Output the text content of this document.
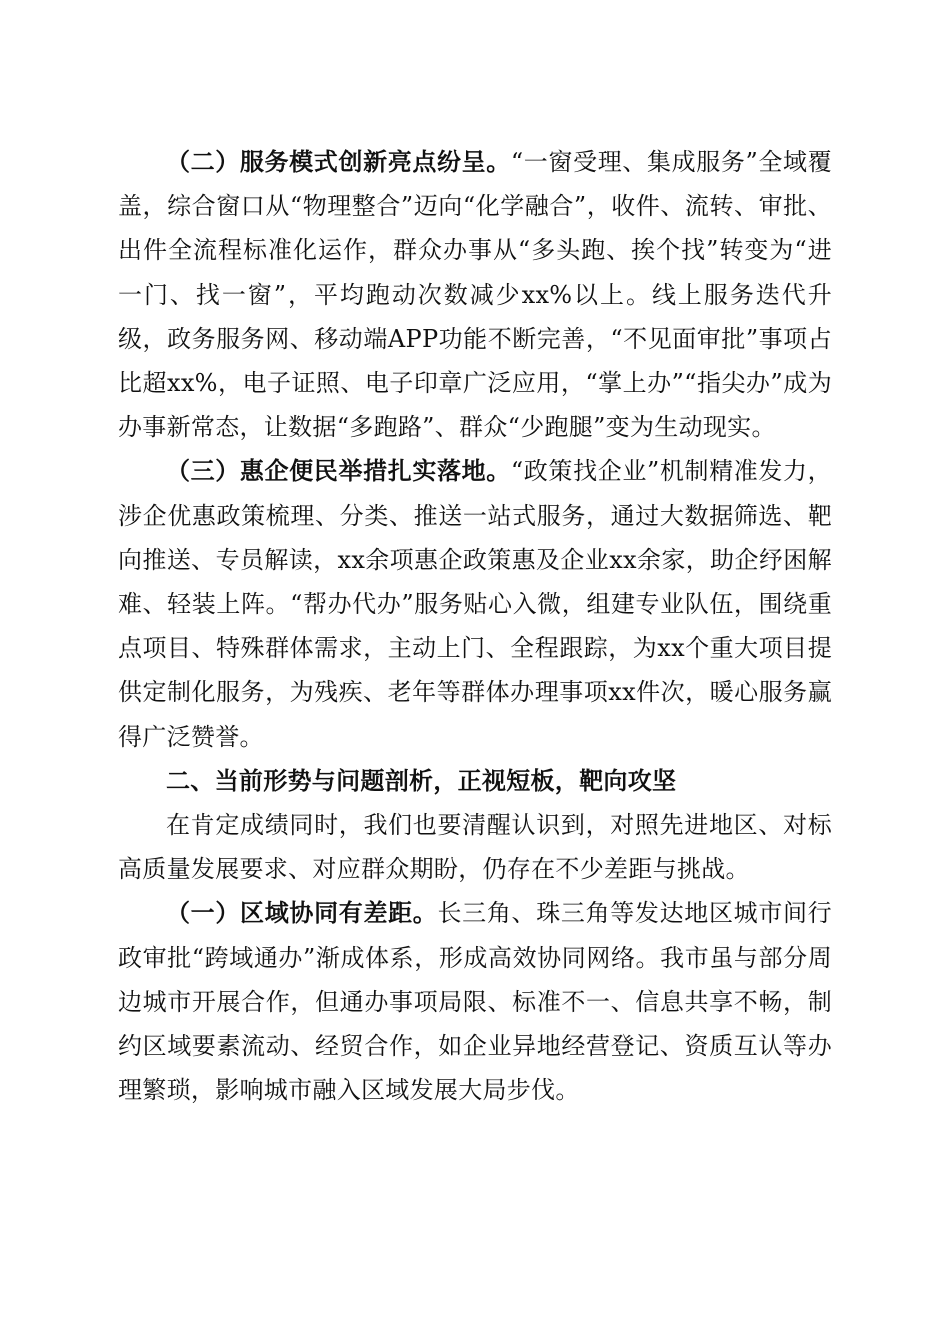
（二）服务模式创新亮点纷呈。“一窗受理、集成服务”全域覆盖，综合窗口从“物理整合”迈向“化学融合”，收件、流转、审批、出件全流程标准化运作，群众办事从“多头跑、挨个找”转变为“进一门、找一窗”，平均跑动次数减少xx%以上。线上服务迭代升级，政务服务网、移动端APP功能不断完善，“不见面审批”事项占比超xx%，电子证照、电子印章广泛应用，“掌上办”“指尖办”成为办事新常态，让数据“多跑路”、群众“少跑腿”变为生动现实。

（三）惠企便民举措扎实落地。“政策找企业”机制精准发力，涉企优惠政策梳理、分类、推送一站式服务，通过大数据筛选、靶向推送、专员解读，xx余项惠企政策惠及企业xx余家，助企纾困解难、轻装上阵。“帮办代办”服务贴心入微，组建专业队伍，围绕重点项目、特殊群体需求，主动上门、全程跟踪，为xx个重大项目提供定制化服务，为残疾、老年等群体办理事项xx件次，暖心服务赢得广泛赞誉。

二、当前形势与问题剖析，正视短板，靶向攻坚

在肯定成绩同时，我们也要清醒认识到，对照先进地区、对标高质量发展要求、对应群众期盼，仍存在不少差距与挑战。

（一）区域协同有差距。长三角、珠三角等发达地区城市间行政审批“跨域通办”渐成体系，形成高效协同网络。我市虽与部分周边城市开展合作，但通办事项局限、标准不一、信息共享不畅，制约区域要素流动、经贸合作，如企业异地经营登记、资质互认等办理繁琐，影响城市融入区域发展大局步伐。
